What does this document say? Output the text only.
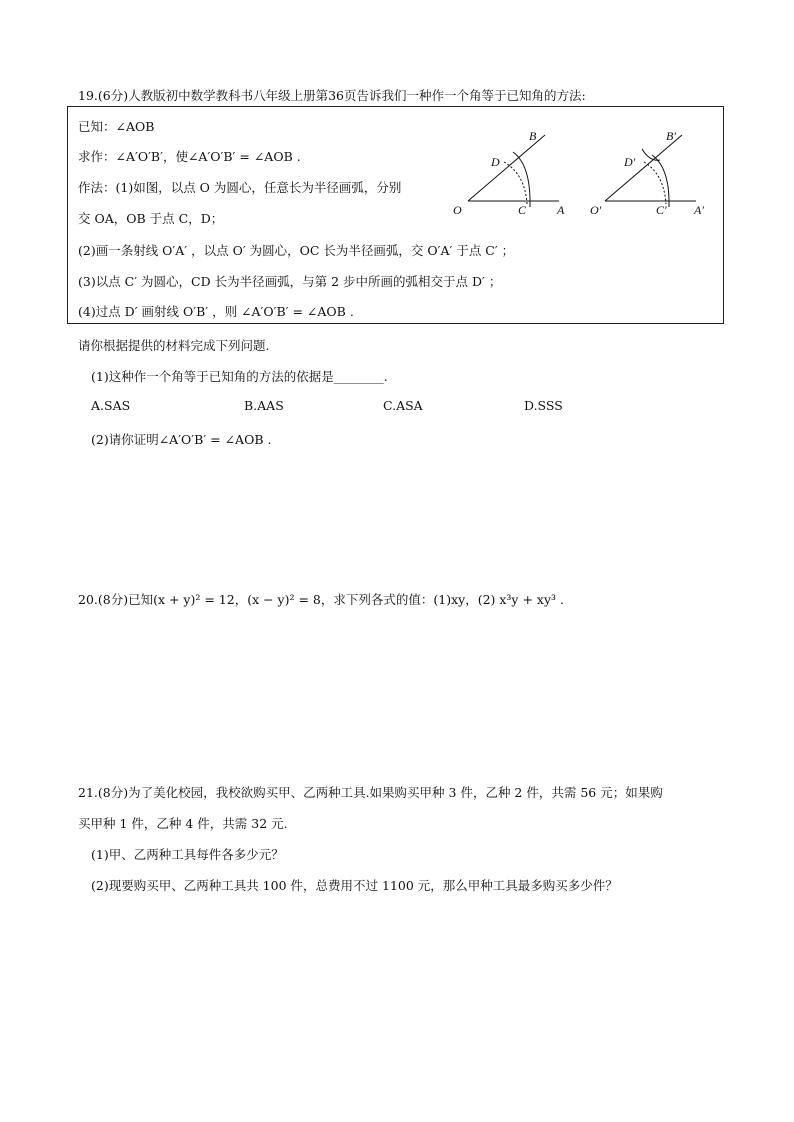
19.(6分)人教版初中数学教科书八年级上册第36页告诉我们一种作一个角等于已知角的方法:
已知：∠AOB
求作：∠A′O′B′，使∠A′O′B′ = ∠AOB .
作法：(1)如图，以点 O 为圆心，任意长为半径画弧，分别
交 OA，OB 于点 C，D；
(2)画一条射线 O′A′ ，以点 O′ 为圆心，OC 长为半径画弧，交 O′A′ 于点 C′ ；
(3)以点 C′ 为圆心，CD 长为半径画弧，与第 2 步中所画的弧相交于点 D′ ；
(4)过点 D′ 画射线 O′B′ ，则 ∠A′O′B′ = ∠AOB .
O	C	A
B
D
O′	C′ A′
B′
D′
请你根据提供的材料完成下列问题.
(1)这种作一个角等于已知角的方法的依据是________.
A.SAS	B.AAS	C.ASA	D.SSS
(2)请你证明∠A′O′B′ = ∠AOB .
20.(8分)已知(x + y)² = 12，(x − y)² = 8，求下列各式的值：(1)xy，(2) x³y + xy³ .
21.(8分)为了美化校园，我校欲购买甲、乙两种工具.如果购买甲种 3 件，乙种 2 件，共需 56 元；如果购
买甲种 1 件，乙种 4 件，共需 32 元.
(1)甲、乙两种工具每件各多少元？
(2)现要购买甲、乙两种工具共 100 件，总费用不过 1100 元，那么甲种工具最多购买多少件？
